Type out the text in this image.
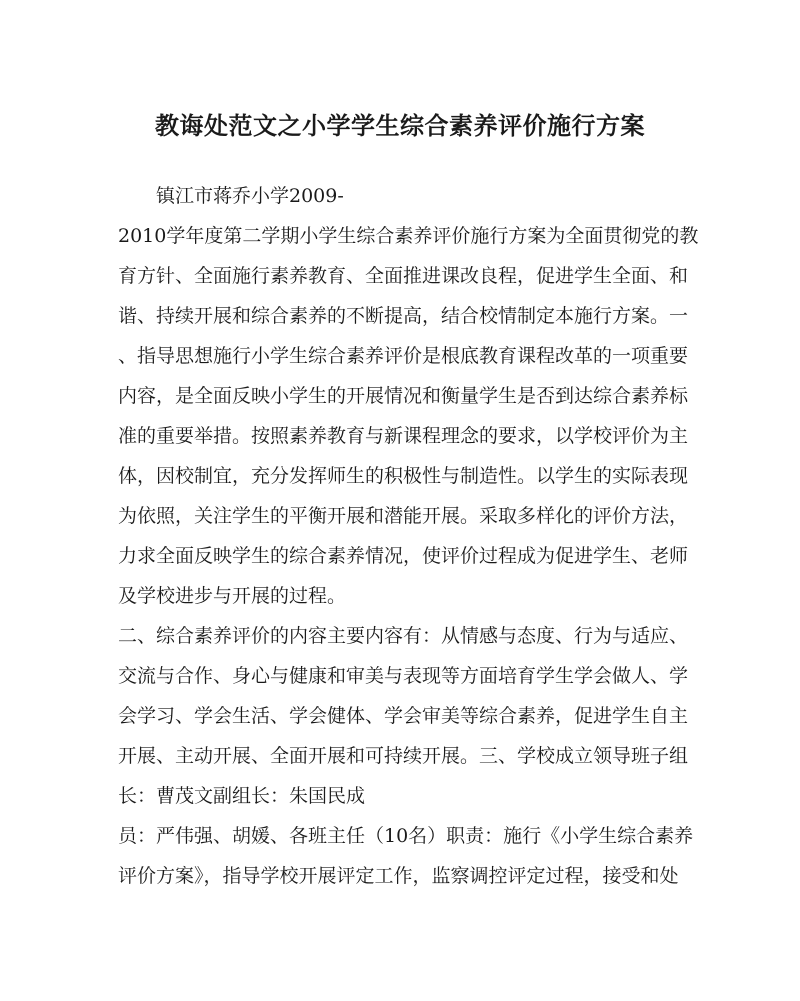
教诲处范文之小学学生综合素养评价施行方案
镇江市蒋乔小学2009-
2010学年度第二学期小学生综合素养评价施行方案为全面贯彻党的教
育方针、全面施行素养教育、全面推进课改良程，促进学生全面、和
谐、持续开展和综合素养的不断提高，结合校情制定本施行方案。一
、指导思想施行小学生综合素养评价是根底教育课程改革的一项重要
内容，是全面反映小学生的开展情况和衡量学生是否到达综合素养标
准的重要举措。按照素养教育与新课程理念的要求，以学校评价为主
体，因校制宜，充分发挥师生的积极性与制造性。以学生的实际表现
为依照，关注学生的平衡开展和潜能开展。采取多样化的评价方法，
力求全面反映学生的综合素养情况，使评价过程成为促进学生、老师
及学校进步与开展的过程。
二、综合素养评价的内容主要内容有：从情感与态度、行为与适应、
交流与合作、身心与健康和审美与表现等方面培育学生学会做人、学
会学习、学会生活、学会健体、学会审美等综合素养，促进学生自主
开展、主动开展、全面开展和可持续开展。三、学校成立领导班子组
长：曹茂文副组长：朱国民成
员：严伟强、胡媛、各班主任（10名）职责：施行《小学生综合素养
评价方案》，指导学校开展评定工作，监察调控评定过程，接受和处
